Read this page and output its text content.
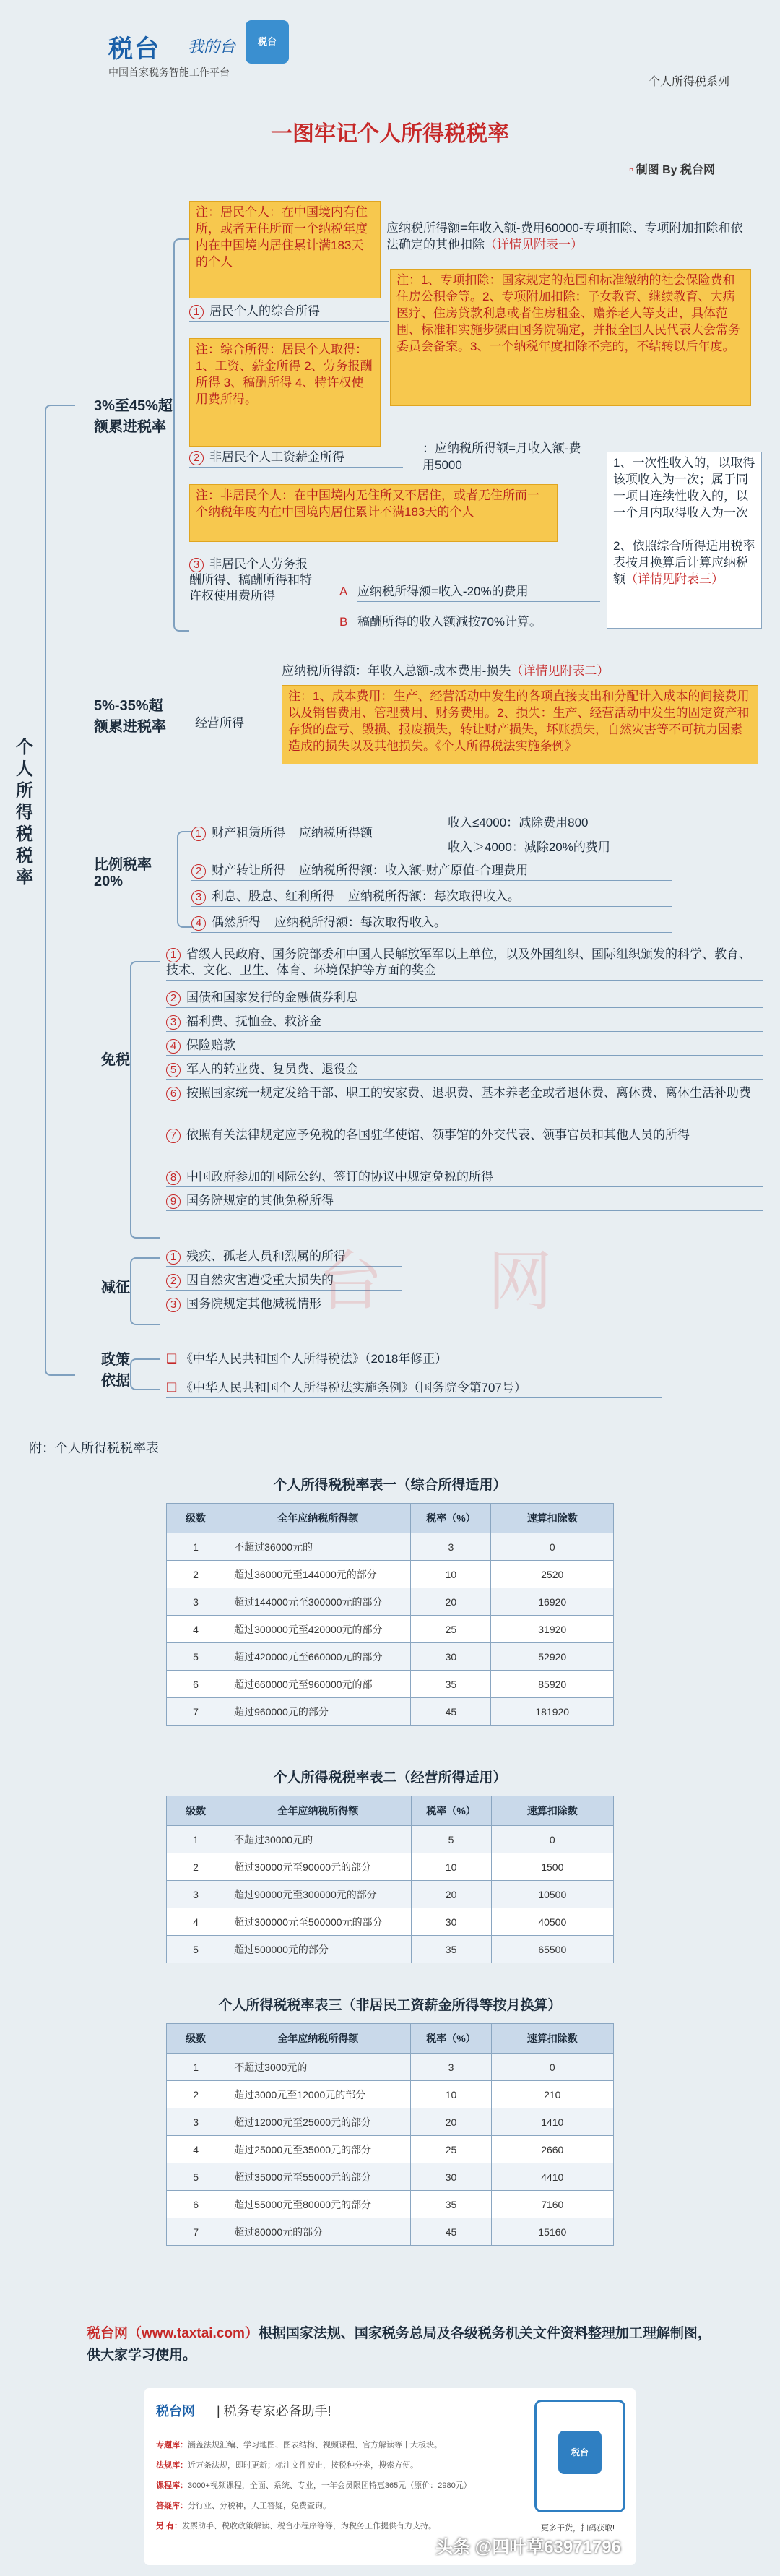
税台 我的台	税台
中国首家税务智能工作平台
个人所得税系列
一图牢记个人所得税税率
▫ 制图 By 税台网
个人所得税税率
3%至45%超额累进税率
注：居民个人：在中国境内有住所，或者无住所而一个纳税年度内在中国境内居住累计满183天的个人
应纳税所得额=年收入额-费用60000-专项扣除、专项附加扣除和依法确定的其他扣除（详情见附表一）
1 居民个人的综合所得
注：1、专项扣除：国家规定的范围和标准缴纳的社会保险费和住房公积金等。2、专项附加扣除：子女教育、继续教育、大病医疗、住房贷款利息或者住房租金、赡养老人等支出，具体范围、标准和实施步骤由国务院确定，并报全国人民代表大会常务委员会备案。3、一个纳税年度扣除不完的，不结转以后年度。
注：综合所得：居民个人取得：1、工资、薪金所得 2、劳务报酬所得 3、稿酬所得 4、特许权使用费所得。
2 非居民个人工资薪金所得
：应纳税所得额=月收入额-费用5000
注：非居民个人：在中国境内无住所又不居住，或者无住所而一个纳税年度内在中国境内居住累计不满183天的个人
3 非居民个人劳务报酬所得、稿酬所得和特许权使用费所得	A 应纳税所得额=收入-20%的费用
B 稿酬所得的收入额減按70%计算。
1、一次性收入的，以取得该项收入为一次；属于同一项目连续性收入的，以一个月内取得收入为一次
2、依照综合所得适用税率表按月换算后计算应纳税额（详情见附表三）
5%-35%超额累进税率	经营所得
应纳税所得额：年收入总额-成本费用-损失（详情见附表二）
注：1、成本费用：生产、经营活动中发生的各项直接支出和分配计入成本的间接费用以及销售费用、管理费用、财务费用。2、损失：生产、经营活动中发生的固定资产和存货的盘亏、毁损、报废损失，转让财产损失，坏账损失，自然灾害等不可抗力因素造成的损失以及其他损失。《个人所得税法实施条例》
比例税率20%
收入≤4000：减除费用800
收入＞4000：减除20%的费用
1 财产租赁所得 应纳税所得额
2 财产转让所得 应纳税所得额：收入额-财产原值-合理费用
3 利息、股息、红利所得 应纳税所得额：每次取得收入。
4 偶然所得 应纳税所得额：每次取得收入。
免税
1 省级人民政府、国务院部委和中国人民解放军军以上单位，以及外国组织、国际组织颁发的科学、教育、技术、文化、卫生、体育、环境保护等方面的奖金
2 国债和国家发行的金融债券利息
3 福利费、抚恤金、救济金
4 保险赔款
5 军人的转业费、复员费、退役金
6 按照国家统一规定发给干部、职工的安家费、退职费、基本养老金或者退休费、离休费、离休生活补助费
7 依照有关法律规定应予免税的各国驻华使馆、领事馆的外交代表、领事官员和其他人员的所得
8 中国政府参加的国际公约、签订的协议中规定免税的所得
9 国务院规定的其他免税所得
减征
1 残疾、孤老人员和烈属的所得
2 因自然灾害遭受重大损失的
3 国务院规定其他减税情形
政策依据
❑ 《中华人民共和国个人所得税法》（2018年修正）
❑ 《中华人民共和国个人所得税法实施条例》（国务院令第707号）
台 网
附：个人所得税税率表
个人所得税税率表一（综合所得适用）
级数	全年应纳税所得额	税率（%）	速算扣除数
1	不超过36000元的	3	0
2	超过36000元至144000元的部分	10	2520
3	超过144000元至300000元的部分	20	16920
4	超过300000元至420000元的部分	25	31920
5	超过420000元至660000元的部分	30	52920
6	超过660000元至960000元的部	35	85920
7	超过960000元的部分	45	181920
个人所得税税率表二（经营所得适用）
级数	全年应纳税所得额	税率（%）	速算扣除数
1	不超过30000元的	5	0
2	超过30000元至90000元的部分	10	1500
3	超过90000元至300000元的部分	20	10500
4	超过300000元至500000元的部分	30	40500
5	超过500000元的部分	35	65500
个人所得税税率表三（非居民工资薪金所得等按月换算）
级数	全年应纳税所得额	税率（%）	速算扣除数
1	不超过3000元的	3	0
2	超过3000元至12000元的部分	10	210
3	超过12000元至25000元的部分	20	1410
4	超过25000元至35000元的部分	25	2660
5	超过35000元至55000元的部分	30	4410
6	超过55000元至80000元的部分	35	7160
7	超过80000元的部分	45	15160
税台网（www.taxtai.com）根据国家法规、国家税务总局及各级税务机关文件资料整理加工理解制图，供大家学习使用。
税台网 | 税务专家必备助手!
专题库：涵盖法规汇编、学习地图、图表结构、视频课程、官方解读等十大板块。
法规库：近万条法规，即时更新；标注文件废止，按税种分类，搜索方便。
课程库：3000+视频课程，全面、系统、专业，一年会员限团特惠365元（原价：2980元）
答疑库：分行业、分税种，人工答疑，免费查询。
另 有：发票助手、税收政策解读、税台小程序等等，为税务工作提供有力支持。
税台
更多干货，扫码获取!
头条 @四叶草63971796
